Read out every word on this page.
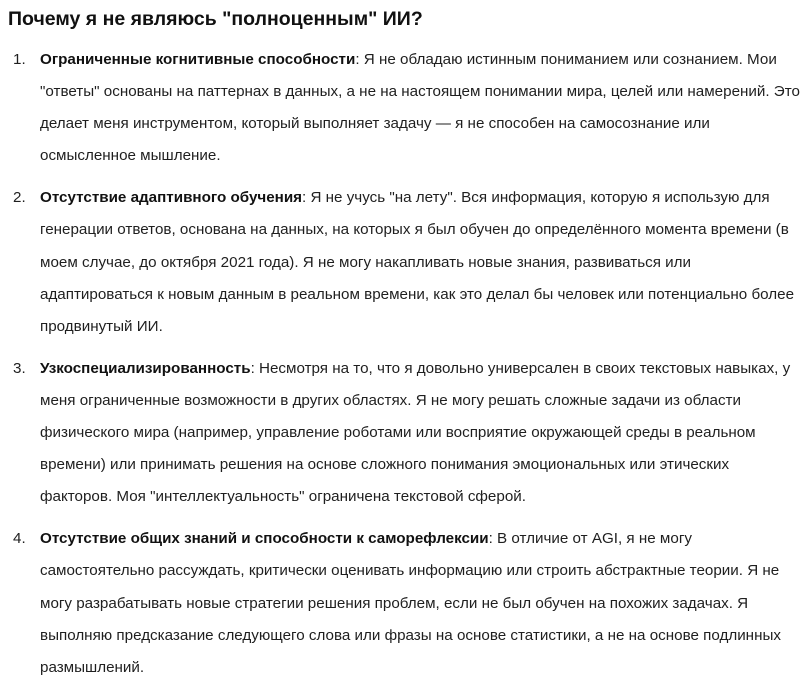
Почему я не являюсь "полноценным" ИИ?
1. Ограниченные когнитивные способности: Я не обладаю истинным пониманием или сознанием. Мои "ответы" основаны на паттернах в данных, а не на настоящем понимании мира, целей или намерений. Это делает меня инструментом, который выполняет задачу — я не способен на самосознание или осмысленное мышление.
2. Отсутствие адаптивного обучения: Я не учусь "на лету". Вся информация, которую я использую для генерации ответов, основана на данных, на которых я был обучен до определённого момента времени (в моем случае, до октября 2021 года). Я не могу накапливать новые знания, развиваться или адаптироваться к новым данным в реальном времени, как это делал бы человек или потенциально более продвинутый ИИ.
3. Узкоспециализированность: Несмотря на то, что я довольно универсален в своих текстовых навыках, у меня ограниченные возможности в других областях. Я не могу решать сложные задачи из области физического мира (например, управление роботами или восприятие окружающей среды в реальном времени) или принимать решения на основе сложного понимания эмоциональных или этических факторов. Моя "интеллектуальность" ограничена текстовой сферой.
4. Отсутствие общих знаний и способности к саморефлексии: В отличие от AGI, я не могу самостоятельно рассуждать, критически оценивать информацию или строить абстрактные теории. Я не могу разрабатывать новые стратегии решения проблем, если не был обучен на похожих задачах. Я выполняю предсказание следующего слова или фразы на основе статистики, а не на основе подлинных размышлений.
